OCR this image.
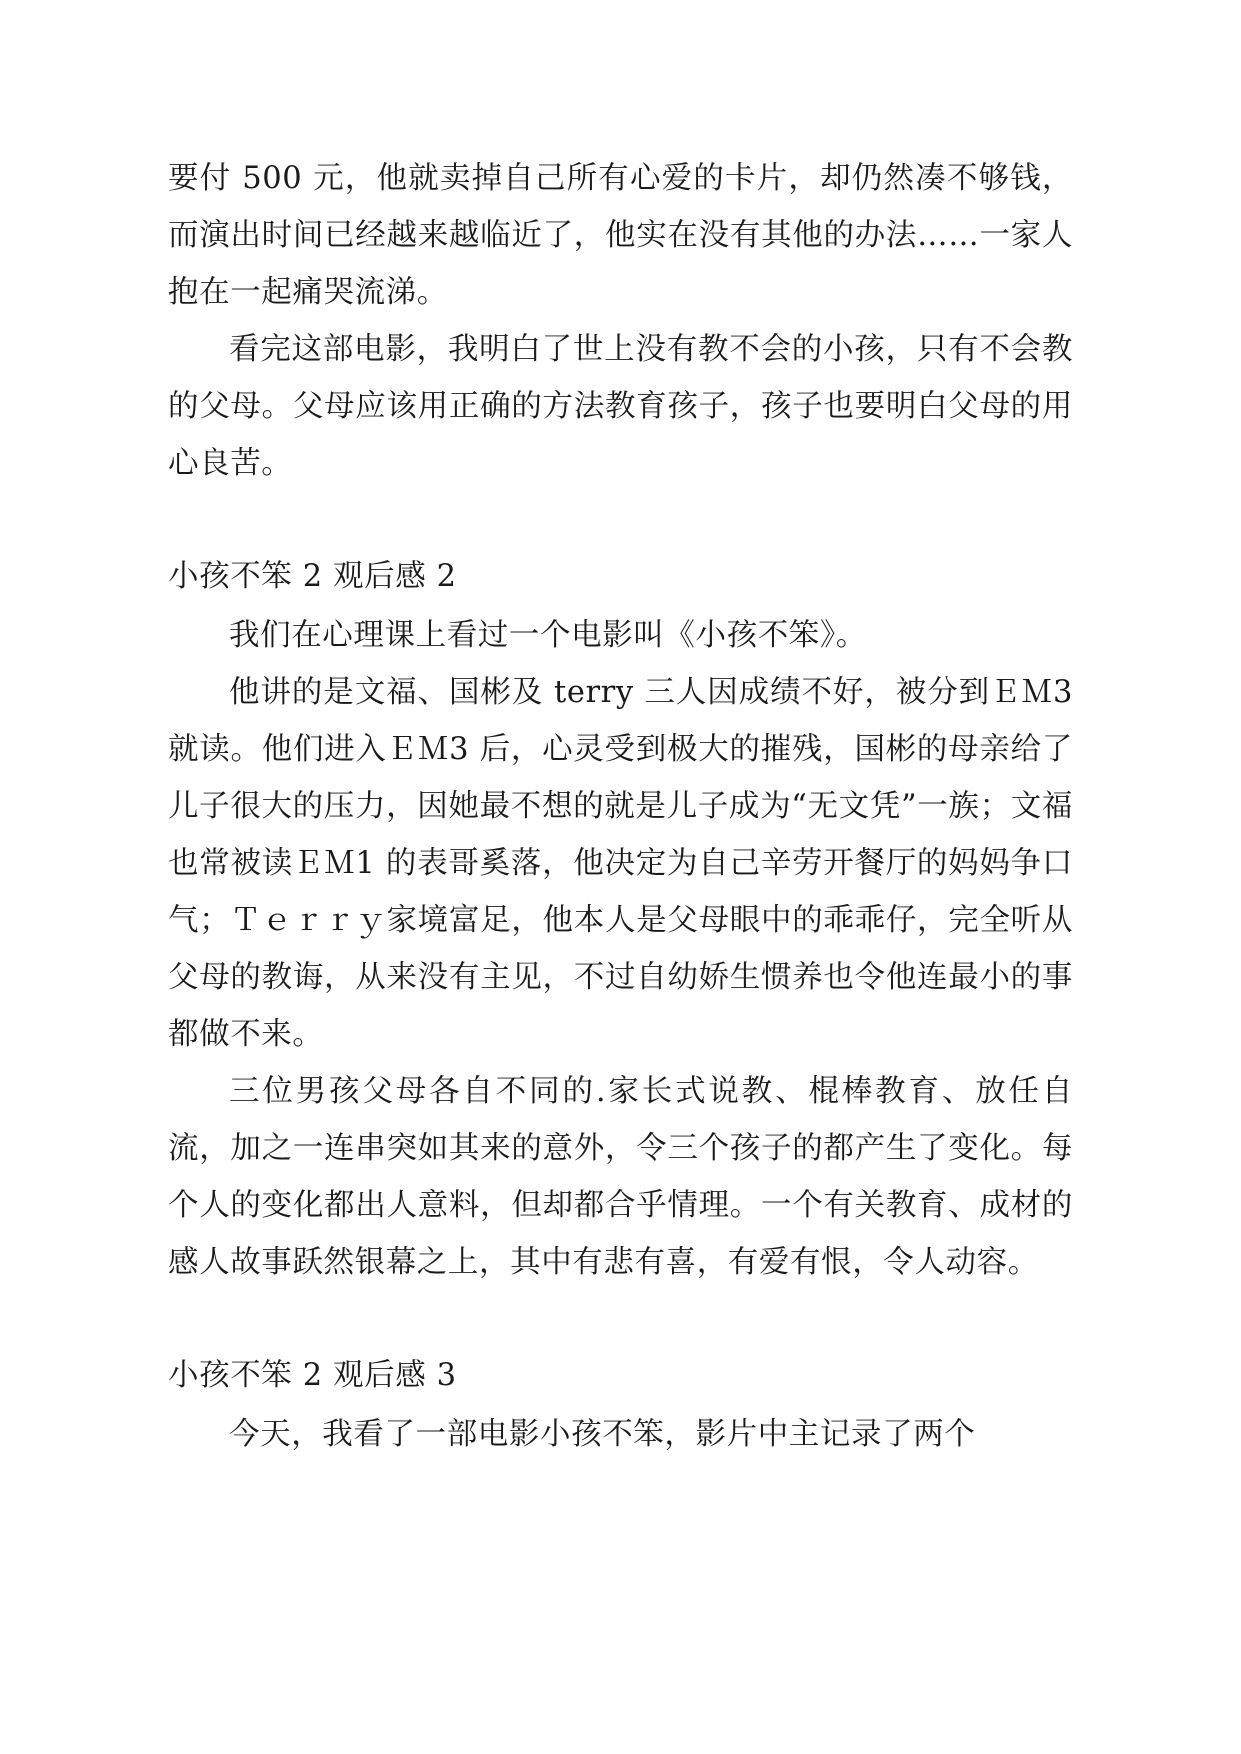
要付 500 元，他就卖掉自己所有心爱的卡片，却仍然凑不够钱，而演出时间已经越来越临近了，他实在没有其他的办法……一家人抱在一起痛哭流涕。

看完这部电影，我明白了世上没有教不会的小孩，只有不会教的父母。父母应该用正确的方法教育孩子，孩子也要明白父母的用心良苦。

小孩不笨 2 观后感 2

我们在心理课上看过一个电影叫《小孩不笨》。

他讲的是文福、国彬及 terry 三人因成绩不好，被分到ＥＭ3 就读。他们进入ＥＭ3 后，心灵受到极大的摧残，国彬的母亲给了儿子很大的压力，因她最不想的就是儿子成为“无文凭”一族；文福也常被读ＥＭ1 的表哥奚落，他决定为自己辛劳开餐厅的妈妈争口气；Ｔｅｒｒｙ家境富足，他本人是父母眼中的乖乖仔，完全听从父母的教诲，从来没有主见，不过自幼娇生惯养也令他连最小的事都做不来。

三位男孩父母各自不同的.家长式说教、棍棒教育、放任自流，加之一连串突如其来的意外，令三个孩子的都产生了变化。每个人的变化都出人意料，但却都合乎情理。一个有关教育、成材的感人故事跃然银幕之上，其中有悲有喜，有爱有恨，令人动容。

小孩不笨 2 观后感 3

今天，我看了一部电影小孩不笨，影片中主记录了两个
